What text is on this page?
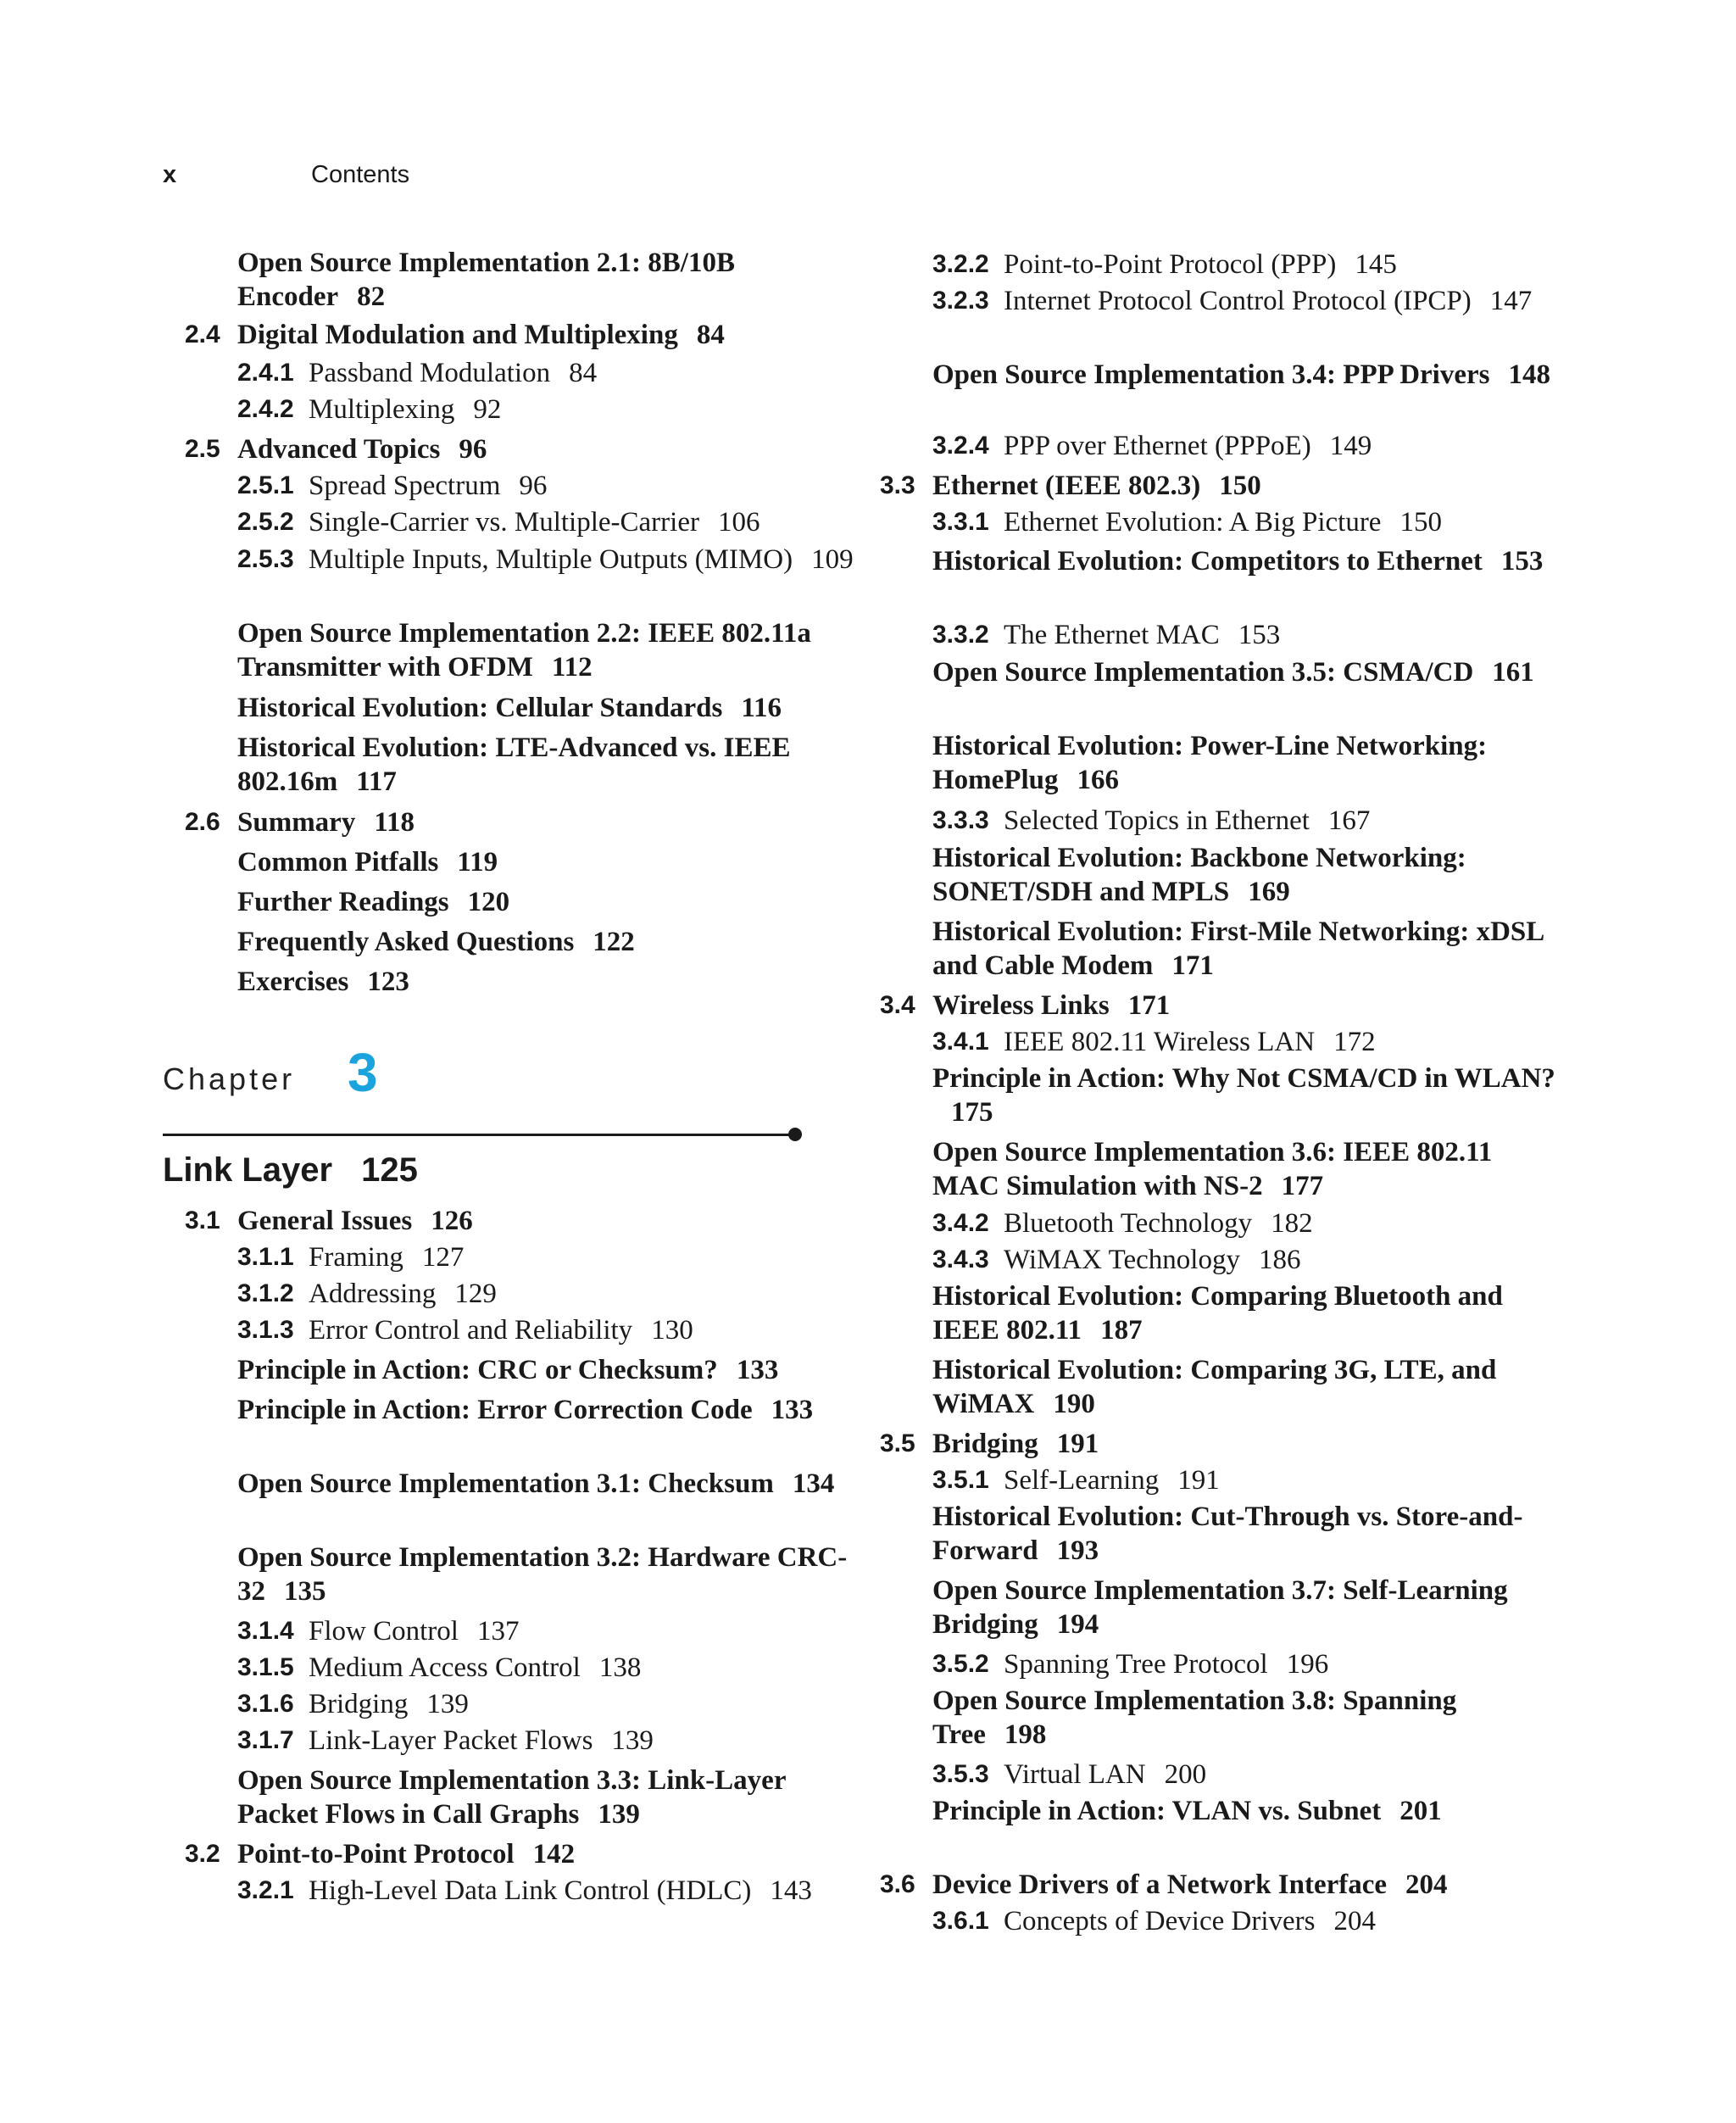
x	Contents
Open Source Implementation 2.1: 8B/10B Encoder 82
2.4 Digital Modulation and Multiplexing 84
2.4.1 Passband Modulation 84
2.4.2 Multiplexing 92
2.5 Advanced Topics 96
2.5.1 Spread Spectrum 96
2.5.2 Single-Carrier vs. Multiple-Carrier 106
2.5.3 Multiple Inputs, Multiple Outputs (MIMO) 109
Open Source Implementation 2.2: IEEE 802.11a Transmitter with OFDM 112
Historical Evolution: Cellular Standards 116
Historical Evolution: LTE-Advanced vs. IEEE 802.16m 117
2.6 Summary 118
Common Pitfalls 119
Further Readings 120
Frequently Asked Questions 122
Exercises 123
Chapter 3
Link Layer 125
3.1 General Issues 126
3.1.1 Framing 127
3.1.2 Addressing 129
3.1.3 Error Control and Reliability 130
Principle in Action: CRC or Checksum? 133
Principle in Action: Error Correction Code 133
Open Source Implementation 3.1: Checksum 134
Open Source Implementation 3.2: Hardware CRC-32 135
3.1.4 Flow Control 137
3.1.5 Medium Access Control 138
3.1.6 Bridging 139
3.1.7 Link-Layer Packet Flows 139
Open Source Implementation 3.3: Link-Layer Packet Flows in Call Graphs 139
3.2 Point-to-Point Protocol 142
3.2.1 High-Level Data Link Control (HDLC) 143
3.2.2 Point-to-Point Protocol (PPP) 145
3.2.3 Internet Protocol Control Protocol (IPCP) 147
Open Source Implementation 3.4: PPP Drivers 148
3.2.4 PPP over Ethernet (PPPoE) 149
3.3 Ethernet (IEEE 802.3) 150
3.3.1 Ethernet Evolution: A Big Picture 150
Historical Evolution: Competitors to Ethernet 153
3.3.2 The Ethernet MAC 153
Open Source Implementation 3.5: CSMA/CD 161
Historical Evolution: Power-Line Networking: HomePlug 166
3.3.3 Selected Topics in Ethernet 167
Historical Evolution: Backbone Networking: SONET/SDH and MPLS 169
Historical Evolution: First-Mile Networking: xDSL and Cable Modem 171
3.4 Wireless Links 171
3.4.1 IEEE 802.11 Wireless LAN 172
Principle in Action: Why Not CSMA/CD in WLAN?175
Open Source Implementation 3.6: IEEE 802.11 MAC Simulation with NS-2 177
3.4.2 Bluetooth Technology 182
3.4.3 WiMAX Technology 186
Historical Evolution: Comparing Bluetooth and IEEE 802.11 187
Historical Evolution: Comparing 3G, LTE, and WiMAX 190
3.5 Bridging 191
3.5.1 Self-Learning 191
Historical Evolution: Cut-Through vs. Store-and-Forward 193
Open Source Implementation 3.7: Self-Learning Bridging 194
3.5.2 Spanning Tree Protocol 196
Open Source Implementation 3.8: Spanning Tree 198
3.5.3 Virtual LAN 200
Principle in Action: VLAN vs. Subnet 201
3.6 Device Drivers of a Network Interface 204
3.6.1 Concepts of Device Drivers 204
